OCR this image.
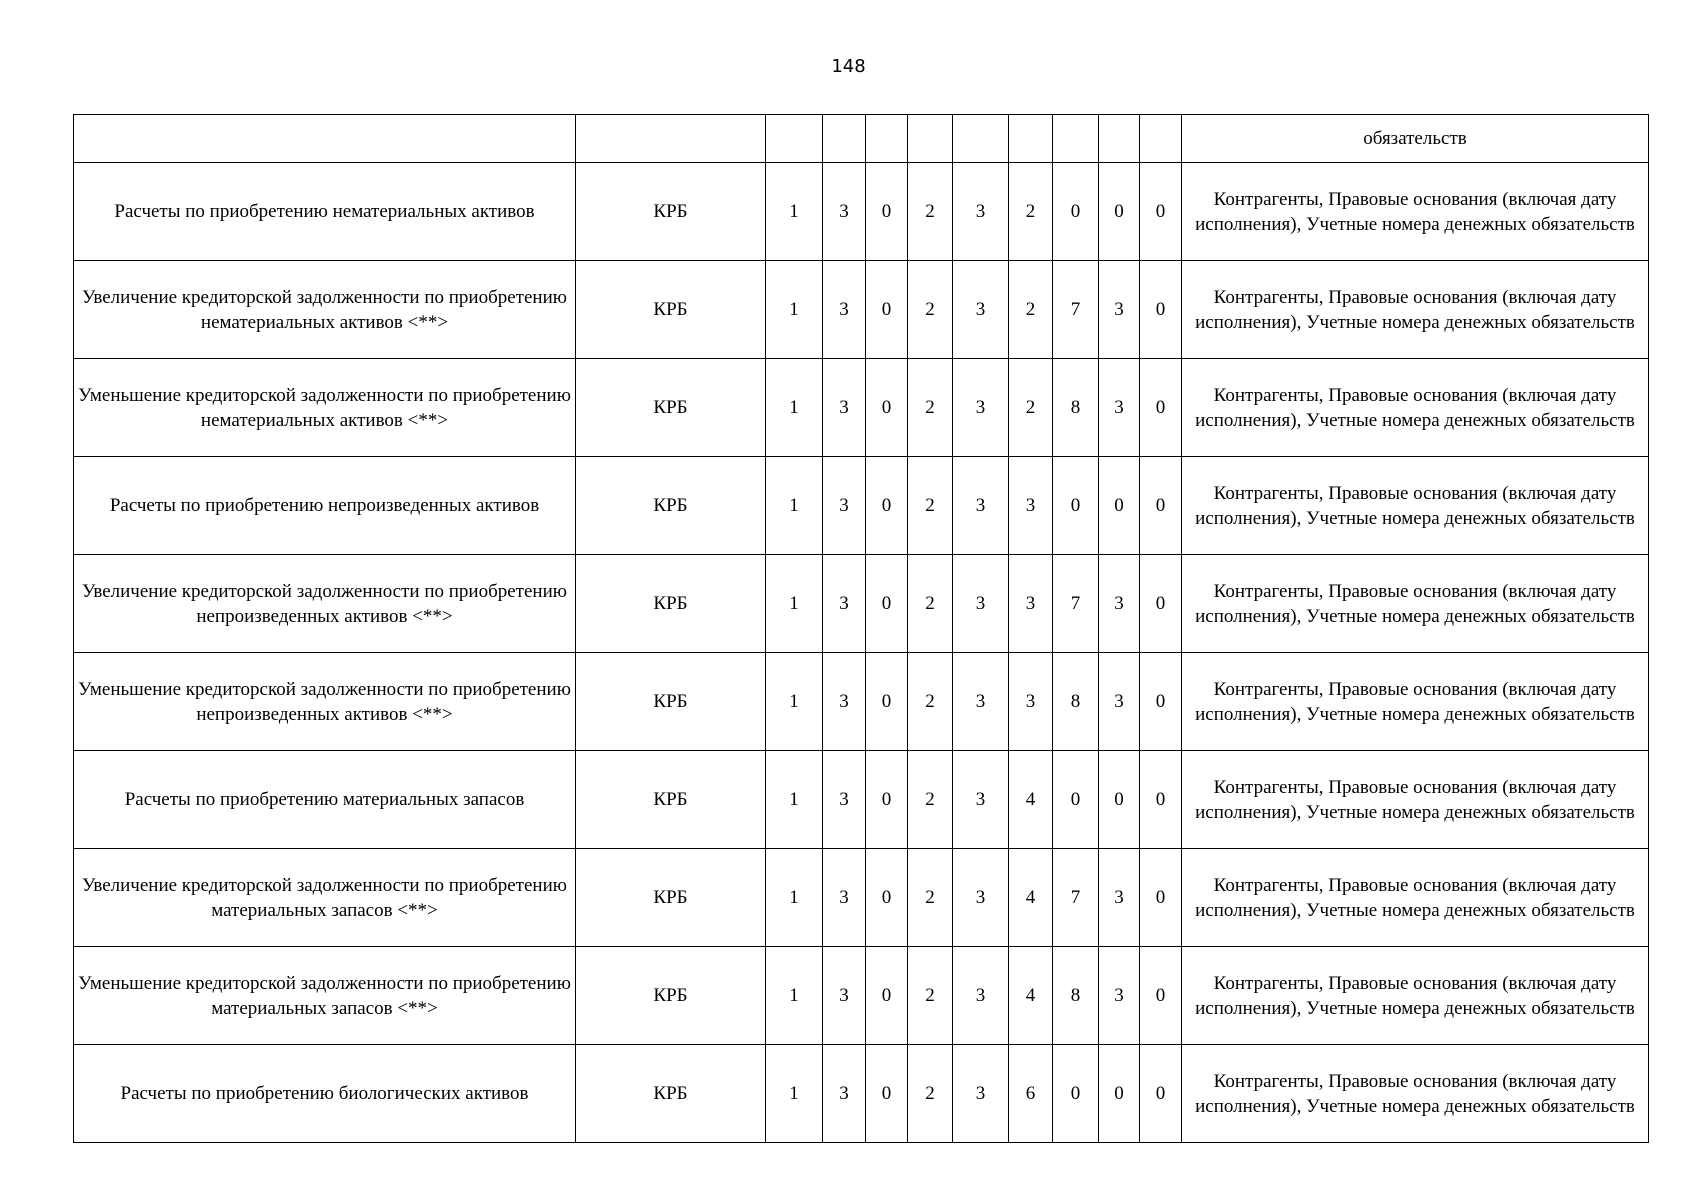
148
											обязательств
Расчеты по приобретению нематериальных активов	КРБ	1	3	0	2	3	2	0	0	0	Контрагенты, Правовые основания (включая дату исполнения), Учетные номера денежных обязательств
Увеличение кредиторской задолженности по приобретению нематериальных активов <**>	КРБ	1	3	0	2	3	2	7	3	0	Контрагенты, Правовые основания (включая дату исполнения), Учетные номера денежных обязательств
Уменьшение кредиторской задолженности по приобретению нематериальных активов <**>	КРБ	1	3	0	2	3	2	8	3	0	Контрагенты, Правовые основания (включая дату исполнения), Учетные номера денежных обязательств
Расчеты по приобретению непроизведенных активов	КРБ	1	3	0	2	3	3	0	0	0	Контрагенты, Правовые основания (включая дату исполнения), Учетные номера денежных обязательств
Увеличение кредиторской задолженности по приобретению непроизведенных активов <**>	КРБ	1	3	0	2	3	3	7	3	0	Контрагенты, Правовые основания (включая дату исполнения), Учетные номера денежных обязательств
Уменьшение кредиторской задолженности по приобретению непроизведенных активов <**>	КРБ	1	3	0	2	3	3	8	3	0	Контрагенты, Правовые основания (включая дату исполнения), Учетные номера денежных обязательств
Расчеты по приобретению материальных запасов	КРБ	1	3	0	2	3	4	0	0	0	Контрагенты, Правовые основания (включая дату исполнения), Учетные номера денежных обязательств
Увеличение кредиторской задолженности по приобретению материальных запасов <**>	КРБ	1	3	0	2	3	4	7	3	0	Контрагенты, Правовые основания (включая дату исполнения), Учетные номера денежных обязательств
Уменьшение кредиторской задолженности по приобретению материальных запасов <**>	КРБ	1	3	0	2	3	4	8	3	0	Контрагенты, Правовые основания (включая дату исполнения), Учетные номера денежных обязательств
Расчеты по приобретению биологических активов	КРБ	1	3	0	2	3	6	0	0	0	Контрагенты, Правовые основания (включая дату исполнения), Учетные номера денежных обязательств
